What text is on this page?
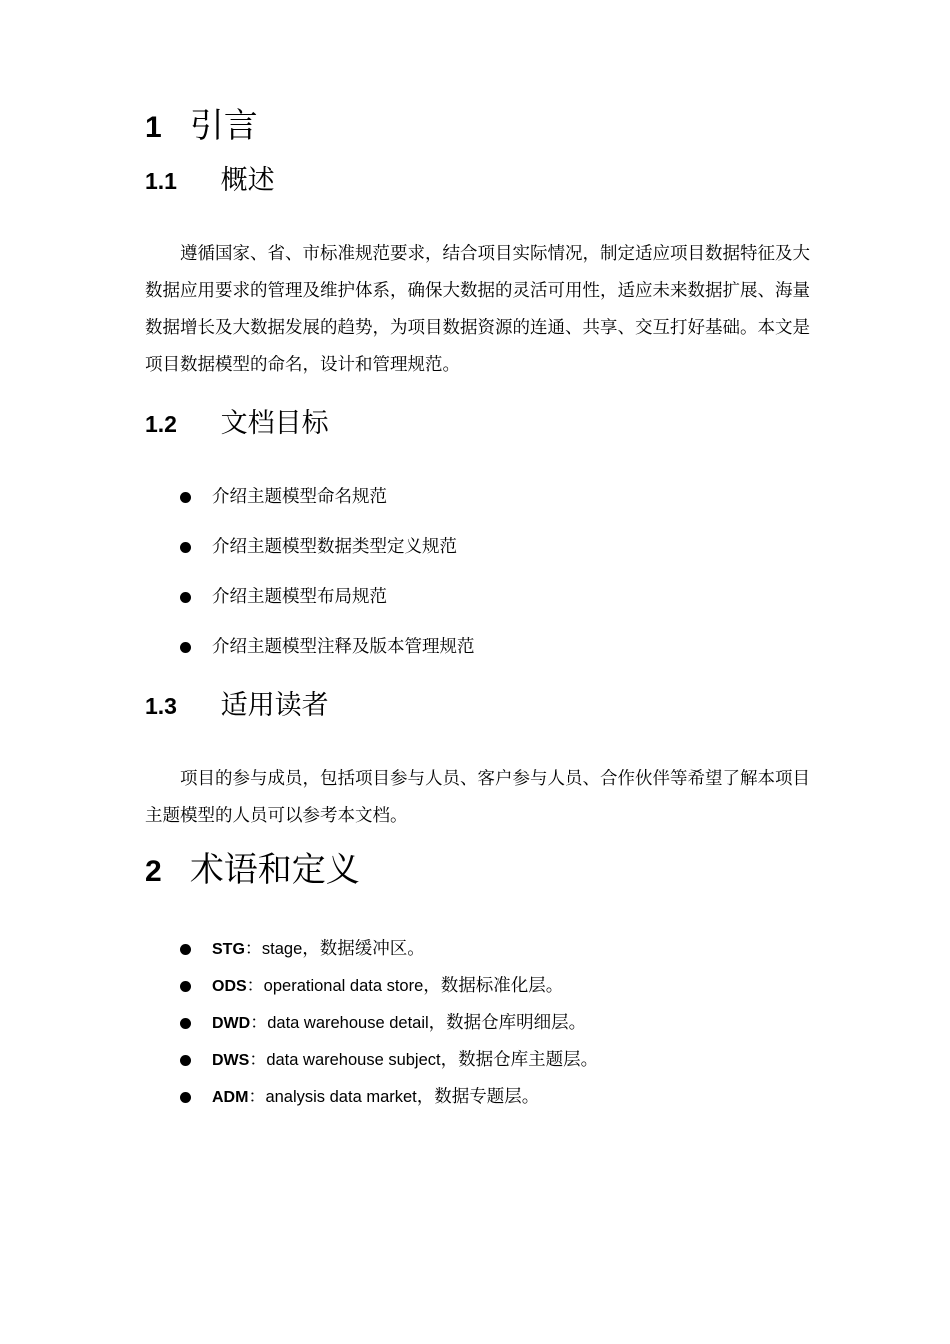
1 引言
1.1 概述

遵循国家、省、市标准规范要求，结合项目实际情况，制定适应项目数据特征及大数据应用要求的管理及维护体系，确保大数据的灵活可用性，适应未来数据扩展、海量数据增长及大数据发展的趋势，为项目数据资源的连通、共享、交互打好基础。本文是项目数据模型的命名，设计和管理规范。

1.2 文档目标
介绍主题模型命名规范
介绍主题模型数据类型定义规范
介绍主题模型布局规范
介绍主题模型注释及版本管理规范
1.3 适用读者

项目的参与成员，包括项目参与人员、客户参与人员、合作伙伴等希望了解本项目主题模型的人员可以参考本文档。

2 术语和定义
STG：stage，数据缓冲区。
ODS：operational data store，数据标准化层。
DWD：data warehouse detail，数据仓库明细层。
DWS：data warehouse subject，数据仓库主题层。
ADM：analysis data market，数据专题层。
